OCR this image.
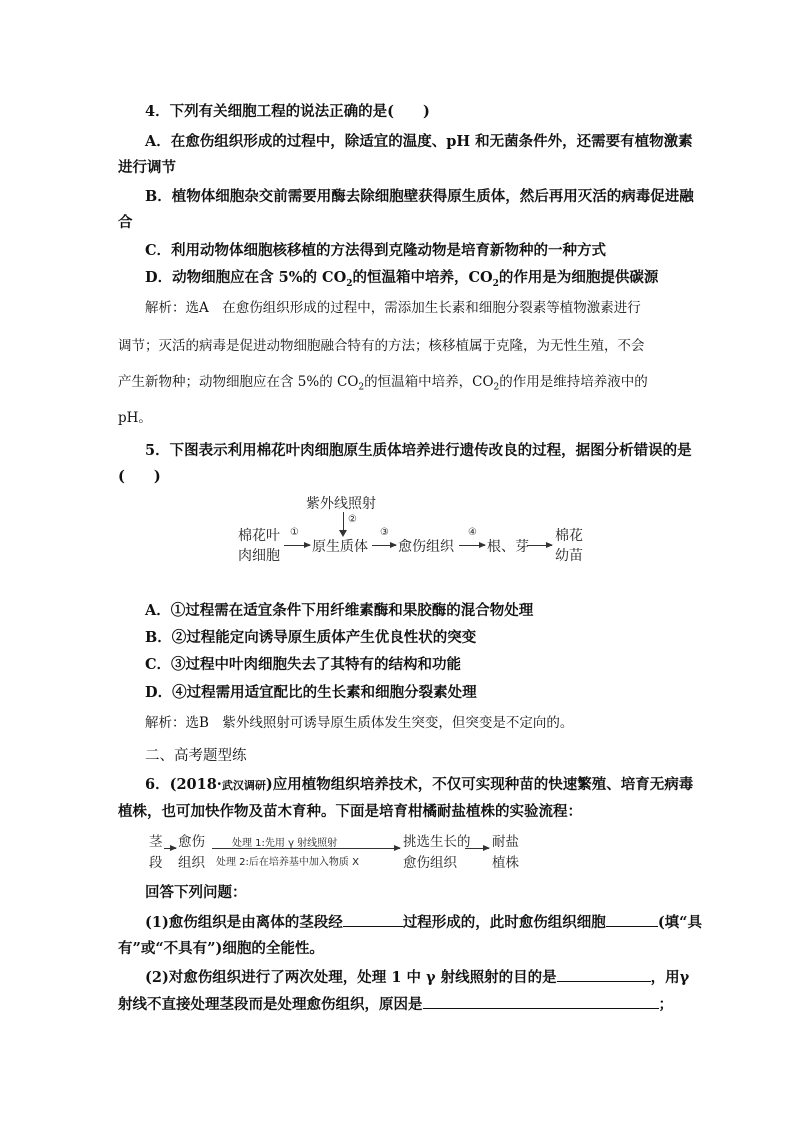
4．下列有关细胞工程的说法正确的是(　　)
A．在愈伤组织形成的过程中，除适宜的温度、pH 和无菌条件外，还需要有植物激素
进行调节
B．植物体细胞杂交前需要用酶去除细胞壁获得原生质体，然后再用灭活的病毒促进融
合
C．利用动物体细胞核移植的方法得到克隆动物是培育新物种的一种方式
D．动物细胞应在含 5%的 $CO_2$的恒温箱中培养，$CO_2$的作用是为细胞提供碳源
解析：选A　在愈伤组织形成的过程中，需添加生长素和细胞分裂素等植物激素进行
调节；灭活的病毒是促进动物细胞融合特有的方法；核移植属于克隆，为无性生殖，不会
产生新物种；动物细胞应在含 5%的 $CO_2$的恒温箱中培养，$CO_2$的作用是维持培养液中的
pH。
5．下图表示利用棉花叶肉细胞原生质体培养进行遗传改良的过程，据图分析错误的是
(　　)
紫外线照射
②
棉花叶
肉细胞
①
原生质体
③
愈伤组织
④
根、芽
棉花
幼苗
A．①过程需在适宜条件下用纤维素酶和果胶酶的混合物处理
B．②过程能定向诱导原生质体产生优良性状的突变
C．③过程中叶肉细胞失去了其特有的结构和功能
D．④过程需用适宜配比的生长素和细胞分裂素处理
解析：选B　紫外线照射可诱导原生质体发生突变，但突变是不定向的。
二、高考题型练
6．(2018·武汉调研)应用植物组织培养技术，不仅可实现种苗的快速繁殖、培育无病毒
植株，也可加快作物及苗木育种。下面是培育柑橘耐盐植株的实验流程：
茎
段
愈伤
组织
处理 1:先用 γ 射线照射
处理 2:后在培养基中加入物质 X
挑选生长的
愈伤组织
耐盐
植株
回答下列问题：
(1)愈伤组织是由离体的茎段经	过程形成的，此时愈伤组织细胞	(填“具
有”或“不具有”)细胞的全能性。
(2)对愈伤组织进行了两次处理，处理 1 中 γ 射线照射的目的是	，用γ
射线不直接处理茎段而是处理愈伤组织，原因是	；
